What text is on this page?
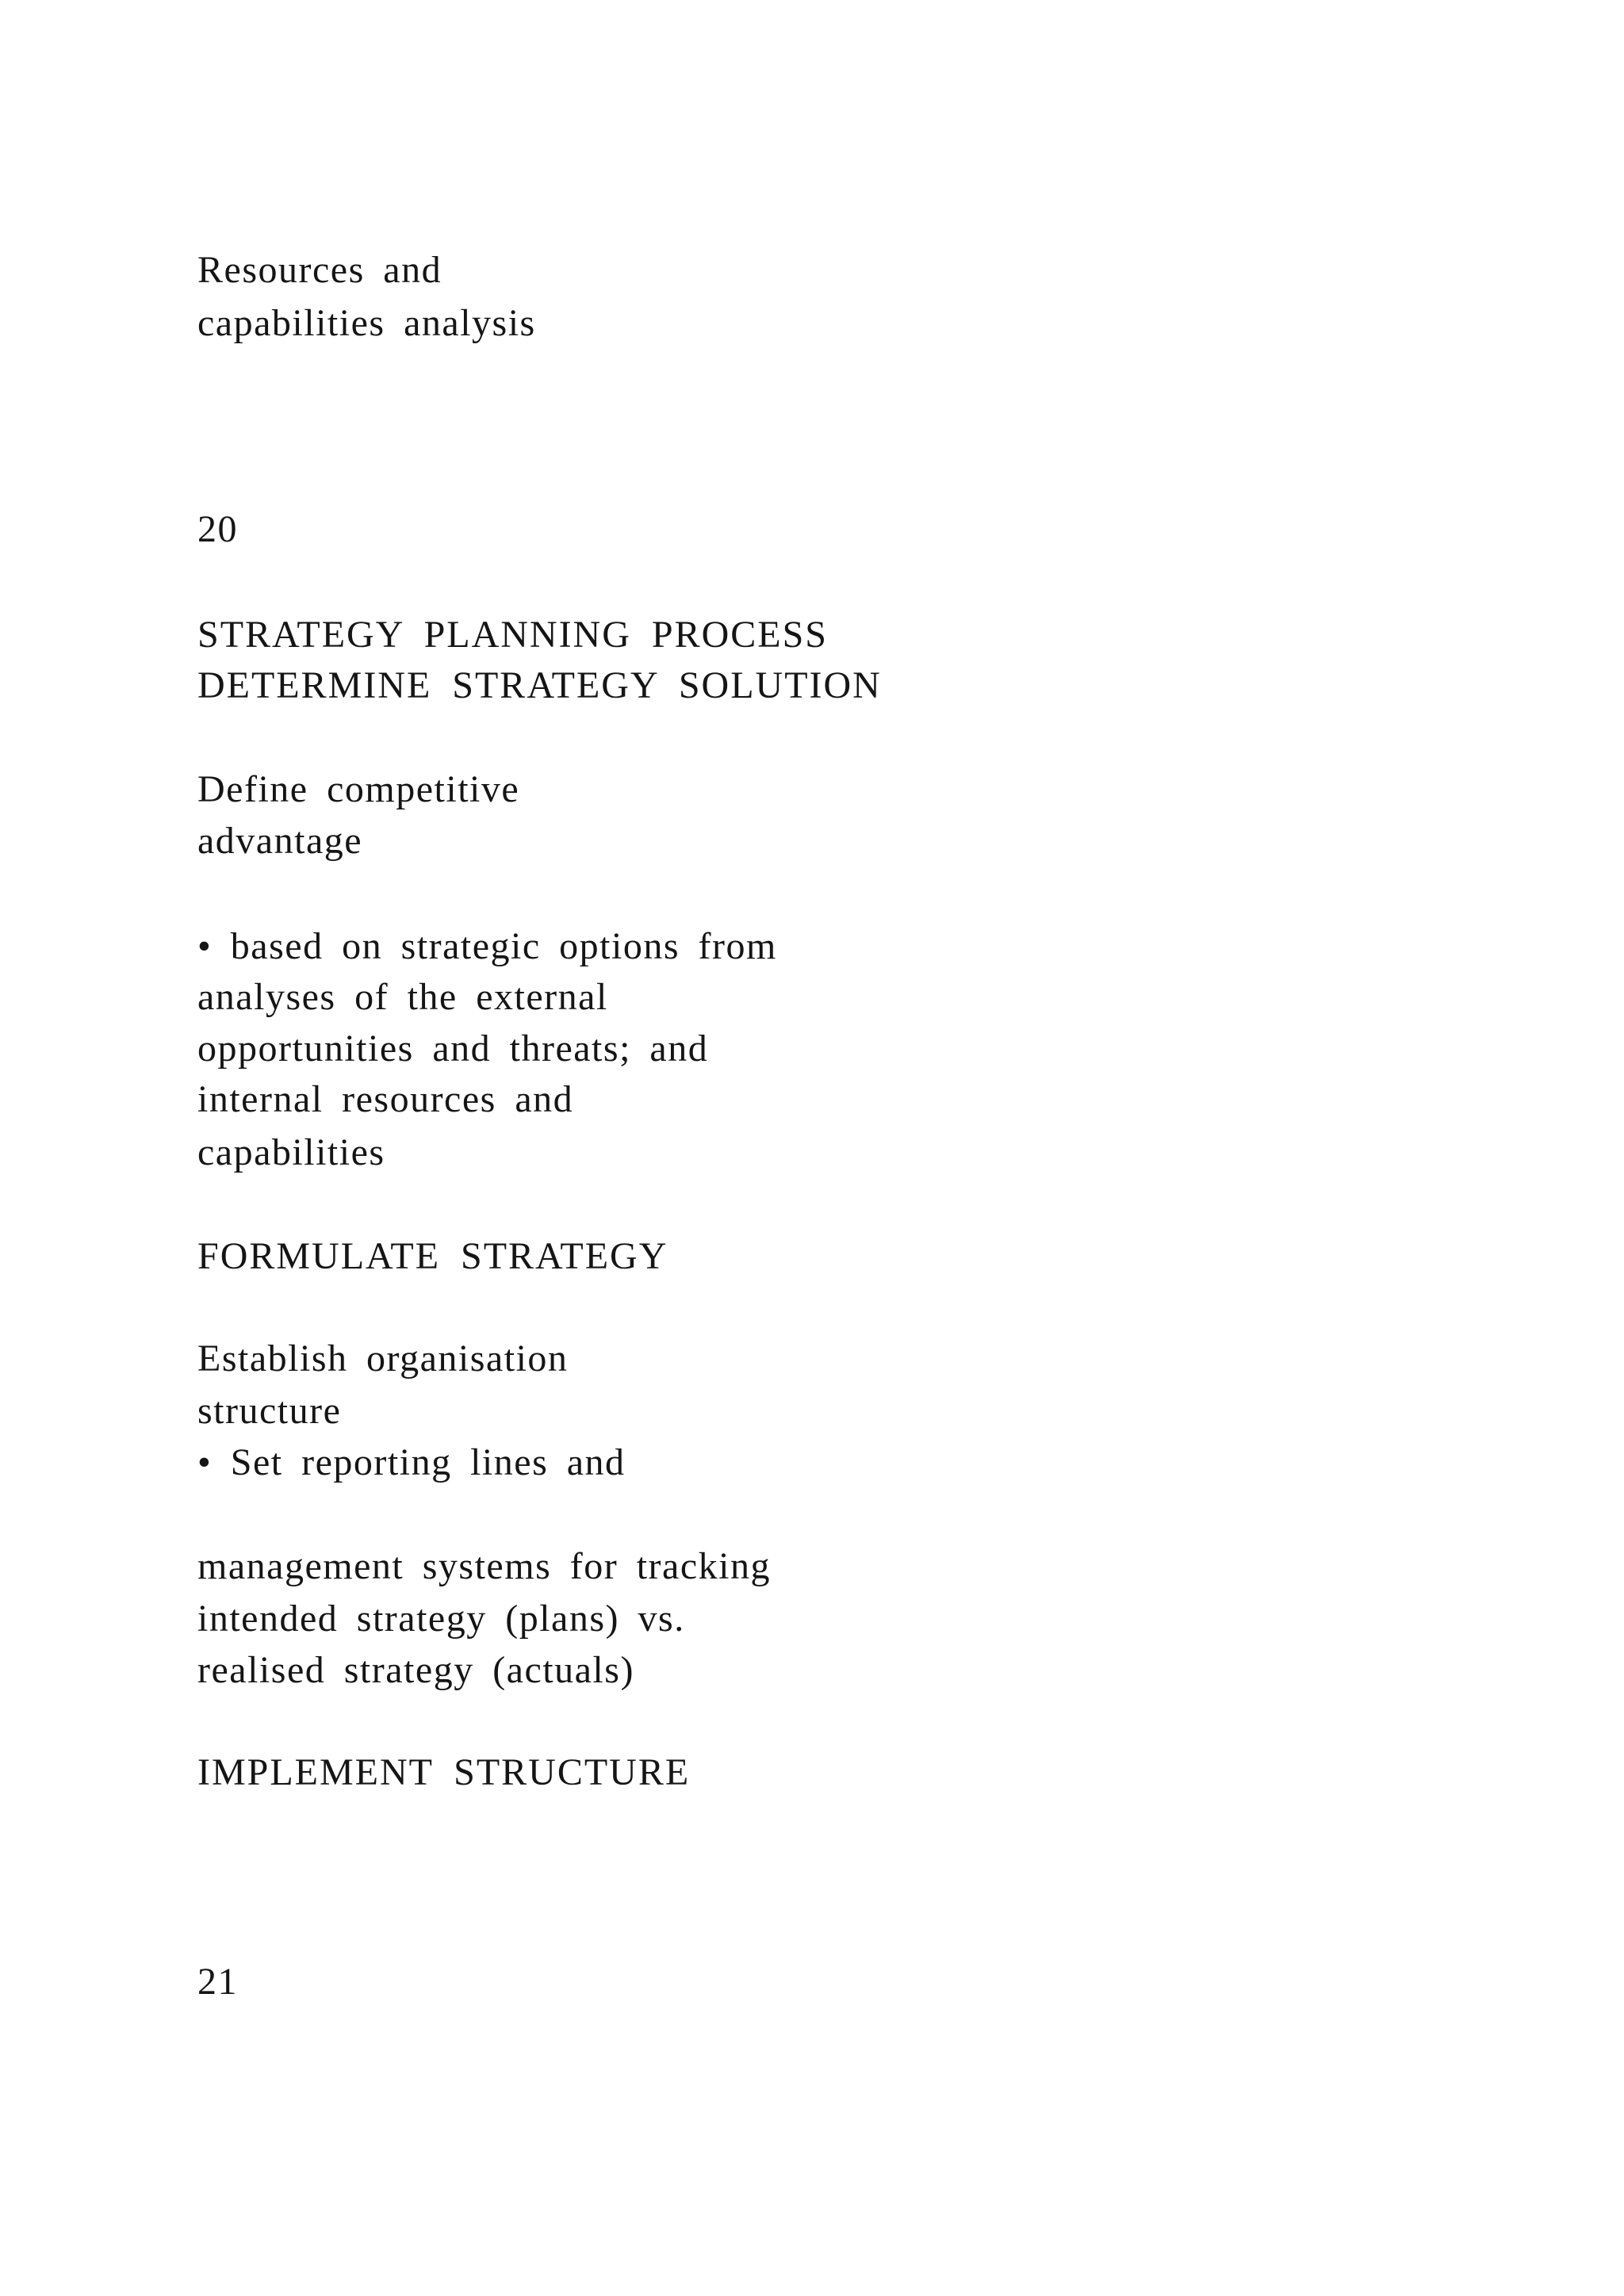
Resources and
capabilities analysis
20
STRATEGY PLANNING PROCESS
DETERMINE STRATEGY SOLUTION
Define competitive
advantage
• based on strategic options from
analyses of the external
opportunities and threats; and
internal resources and
capabilities
FORMULATE STRATEGY
Establish organisation
structure
• Set reporting lines and
management systems for tracking
intended strategy (plans) vs.
realised strategy (actuals)
IMPLEMENT STRUCTURE
21
